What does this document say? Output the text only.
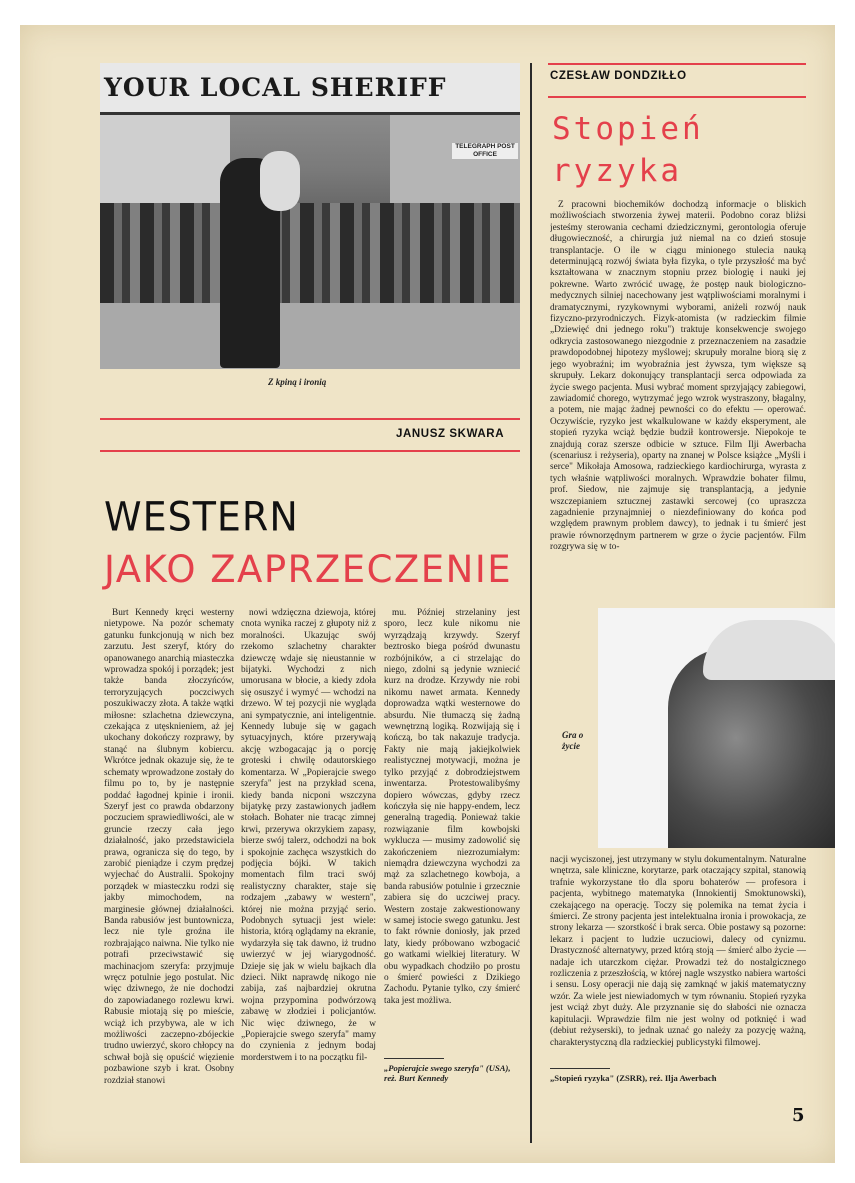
YOUR LOCAL SHERIFF
TELEGRAPH POST OFFICE
Z kpiną i ironią
JANUSZ SKWARA
WESTERN
JAKO ZAPRZECZENIE
Burt Kennedy kręci westerny nietypowe. Na pozór schematy gatunku funkcjonują w nich bez zarzutu. Jest szeryf, który do opanowanego anarchią miasteczka wprowadza spokój i porządek; jest także banda złoczyńców, terroryzujących poczciwych poszukiwaczy złota. A także wątki miłosne: szlachetna dziewczyna, czekająca z utęsknieniem, aż jej ukochany dokończy rozprawy, by stanąć na ślubnym kobiercu. Wkrótce jednak okazuje się, że te schematy wprowadzone zostały do filmu po to, by je następnie poddać łagodnej kpinie i ironii. Szeryf jest co prawda obdarzony poczuciem sprawiedliwości, ale w gruncie rzeczy cała jego działalność, jako przedstawiciela prawa, ogranicza się do tego, by zarobić pieniądze i czym prędzej wyjechać do Australii. Spokojny porządek w miasteczku rodzi się jakby mimochodem, na marginesie głównej działalności. Banda rabusiów jest buntownicza, lecz nie tyle groźna ile rozbrajająco naiwna. Nie tylko nie potrafi przeciwstawić się machinacjom szeryfa: przyjmuje wręcz potulnie jego postulat. Nic więc dziwnego, że nie dochodzi do zapowiadanego rozlewu krwi. Rabusie miotają się po mieście, wciąż ich przybywa, ale w ich możliwości zaczepno-zbójeckie trudno uwierzyć, skoro chłopcy na schwał bojà się opuścić więzienie pozbawione szyb i krat. Osobny rozdział stanowi
nowi wdzięczna dziewoja, której cnota wynika raczej z głupoty niż z moralności. Ukazując swój rzekomo szlachetny charakter dziewczę wdaje się nieustannie w bijatyki. Wychodzi z nich umorusana w błocie, a kiedy zdoła się osuszyć i wymyć — wchodzi na drzewo. W tej pozycji nie wygląda ani sympatycznie, ani inteligentnie. Kennedy lubuje się w gagach sytuacyjnych, które przerywają akcję wzbogacając ją o porcję groteski i chwilę odautorskiego komentarza. W „Popierajcie swego szeryfa" jest na przykład scena, kiedy banda nicponi wszczyna bijatykę przy zastawionych jadłem stołach. Bohater nie tracąc zimnej krwi, przerywa okrzykiem zapasy, bierze swój talerz, odchodzi na bok i spokojnie zachęca wszystkich do podjęcia bójki. W takich momentach film traci swój realistyczny charakter, staje się rodzajem „zabawy w western", której nie można przyjąć serio. Podobnych sytuacji jest wiele: historia, którą oglądamy na ekranie, wydarzyła się tak dawno, iż trudno uwierzyć w jej wiarygodność. Dzieje się jak w wielu bajkach dla dzieci. Nikt naprawdę nikogo nie zabija, zaś najbardziej okrutna wojna przypomina podwórzową zabawę w złodziei i policjantów. Nic więc dziwnego, że w „Popierajcie swego szeryfa" mamy do czynienia z jednym bodaj morderstwem i to na początku fil-
mu. Później strzelaniny jest sporo, lecz kule nikomu nie wyrządzają krzywdy. Szeryf beztrosko biega pośród dwunastu rozbójników, a ci strzelając do niego, zdolni są jedynie wzniecić kurz na drodze. Krzywdy nie robi nikomu nawet armata. Kennedy doprowadza wątki westernowe do absurdu. Nie tłumaczą się żadną wewnętrzną logiką. Rozwijają się i kończą, bo tak nakazuje tradycja. Fakty nie mają jakiejkolwiek realistycznej motywacji, można je tylko przyjąć z dobrodziejstwem inwentarza. Protestowalibyśmy dopiero wówczas, gdyby rzecz kończyła się nie happy-endem, lecz generalną tragedią. Ponieważ takie rozwiązanie film kowbojski wyklucza — musimy zadowolić się zakończeniem niezrozumiałym: niemądra dziewczyna wychodzi za mąż za szlachetnego kowboja, a banda rabusiów potulnie i grzecznie zabiera się do uczciwej pracy. Western zostaje zakwestionowany w samej istocie swego gatunku. Jest to fakt równie doniosły, jak przed laty, kiedy próbowano wzbogacić go watkami wielkiej literatury. W obu wypadkach chodziło po prostu o śmierć powieści z Dzikiego Zachodu. Pytanie tylko, czy śmierć taka jest możliwa.
„Popierajcie swego szeryfa" (USA), reż. Burt Kennedy
CZESŁAW DONDZIŁŁO
Stopień
ryzyka
Z pracowni biochemików dochodzą informacje o bliskich możliwościach stworzenia żywej materii. Podobno coraz bliżsi jesteśmy sterowania cechami dziedzicznymi, gerontologia oferuje długowieczność, a chirurgia już niemal na co dzień stosuje transplantacje. O ile w ciągu minionego stulecia nauką determinującą rozwój świata była fizyka, o tyle przyszłość ma być kształtowana w znacznym stopniu przez biologię i nauki jej pokrewne. Warto zwrócić uwagę, że postęp nauk biologiczno-medycznych silniej nacechowany jest wątpliwościami moralnymi i dramatycznymi, ryzykownymi wyborami, aniżeli rozwój nauk fizyczno-przyrodniczych. Fizyk-atomista (w radzieckim filmie „Dziewięć dni jednego roku") traktuje konsekwencje swojego odkrycia zastosowanego niezgodnie z przeznaczeniem na zasadzie prawdopodobnej hipotezy myślowej; skrupuły moralne biorą się z jego wyobraźni; im wyobraźnia jest żywsza, tym większe są skrupuły. Lekarz dokonujący transplantacji serca odpowiada za życie swego pacjenta. Musi wybrać moment sprzyjający zabiegowi, zawiadomić chorego, wytrzymać jego wzrok wystraszony, błagalny, a potem, nie mając żadnej pewności co do efektu — operować. Oczywiście, ryzyko jest wkalkulowane w każdy eksperyment, ale stopień ryzyka wciąż będzie budził kontrowersje. Niepokoje te znajdują coraz szersze odbicie w sztuce. Film Ilji Awerbacha (scenariusz i reżyseria), oparty na znanej w Polsce książce „Myśli i serce" Mikołaja Amosowa, radzieckiego kardiochirurga, wyrasta z tych właśnie wątpliwości moralnych. Wprawdzie bohater filmu, prof. Siedow, nie zajmuje się transplantacją, a jedynie wszczepianiem sztucznej zastawki sercowej (co upraszcza zagadnienie przynajmniej o niezdefiniowany do końca pod względem prawnym problem dawcy), to jednak i tu śmierć jest prawie równorzędnym partnerem w grze o życie pacjentów. Film rozgrywa się w to-
Gra o życie
nacji wyciszonej, jest utrzymany w stylu dokumentalnym. Naturalne wnętrza, sale kliniczne, korytarze, park otaczający szpital, stanowią trafnie wykorzystane tło dla sporu bohaterów — profesora i pacjenta, wybitnego matematyka (Innokientij Smoktunowski), czekającego na operację. Toczy się polemika na temat życia i śmierci. Ze strony pacjenta jest intelektualna ironia i prowokacja, ze strony lekarza — szorstkość i brak serca. Obie postawy są pozorne: lekarz i pacjent to ludzie uczuciowi, dalecy od cynizmu. Drastyczność alternatywy, przed którą stoją — śmierć albo życie — nadaje ich utarczkom ciężar. Prowadzi też do nostalgicznego rozliczenia z przeszłością, w której nagle wszystko nabiera wartości i sensu. Losy operacji nie dają się zamknąć w jakiś matematyczny wzór. Za wiele jest niewiadomych w tym równaniu. Stopień ryzyka jest wciąż zbyt duży. Ale przyznanie się do słabości nie oznacza kapitulacji. Wprawdzie film nie jest wolny od potknięć i wad (debiut reżyserski), to jednak uznać go należy za pozycję ważną, charakterystyczną dla radzieckiej publicystyki filmowej.
„Stopień ryzyka" (ZSRR), reż. Ilja Awerbach
5
